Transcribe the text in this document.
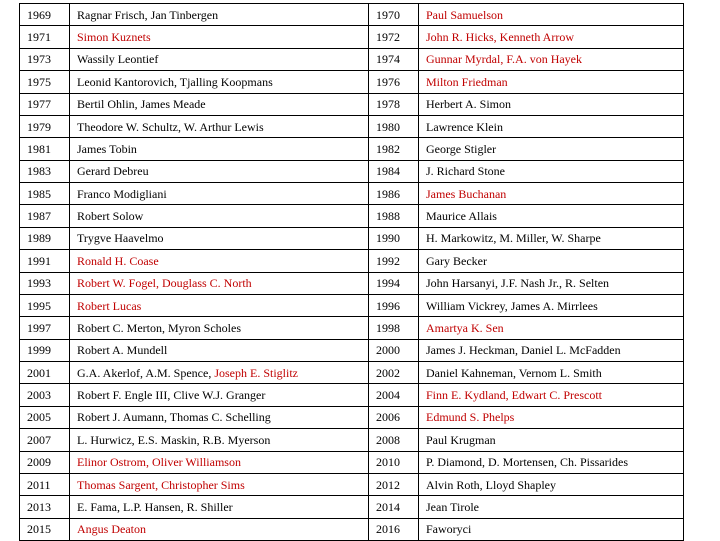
1969	Ragnar Frisch, Jan Tinbergen	1970	Paul Samuelson
1971	Simon Kuznets	1972	John R. Hicks, Kenneth Arrow
1973	Wassily Leontief	1974	Gunnar Myrdal, F.A. von Hayek
1975	Leonid Kantorovich, Tjalling Koopmans	1976	Milton Friedman
1977	Bertil Ohlin, James Meade	1978	Herbert A. Simon
1979	Theodore W. Schultz, W. Arthur Lewis	1980	Lawrence Klein
1981	James Tobin	1982	George Stigler
1983	Gerard Debreu	1984	J. Richard Stone
1985	Franco Modigliani	1986	James Buchanan
1987	Robert Solow	1988	Maurice Allais
1989	Trygve Haavelmo	1990	H. Markowitz, M. Miller, W. Sharpe
1991	Ronald H. Coase	1992	Gary Becker
1993	Robert W. Fogel, Douglass C. North	1994	John Harsanyi, J.F. Nash Jr., R. Selten
1995	Robert Lucas	1996	William Vickrey, James A. Mirrlees
1997	Robert C. Merton, Myron Scholes	1998	Amartya K. Sen
1999	Robert A. Mundell	2000	James J. Heckman, Daniel L. McFadden
2001	G.A. Akerlof, A.M. Spence, Joseph E. Stiglitz	2002	Daniel Kahneman, Vernom L. Smith
2003	Robert F. Engle III, Clive W.J. Granger	2004	Finn E. Kydland, Edwart C. Prescott
2005	Robert J. Aumann, Thomas C. Schelling	2006	Edmund S. Phelps
2007	L. Hurwicz, E.S. Maskin, R.B. Myerson	2008	Paul Krugman
2009	Elinor Ostrom, Oliver Williamson	2010	P. Diamond, D. Mortensen, Ch. Pissarides
2011	Thomas Sargent, Christopher Sims	2012	Alvin Roth, Lloyd Shapley
2013	E. Fama, L.P. Hansen, R. Shiller	2014	Jean Tirole
2015	Angus Deaton	2016	Faworyci
